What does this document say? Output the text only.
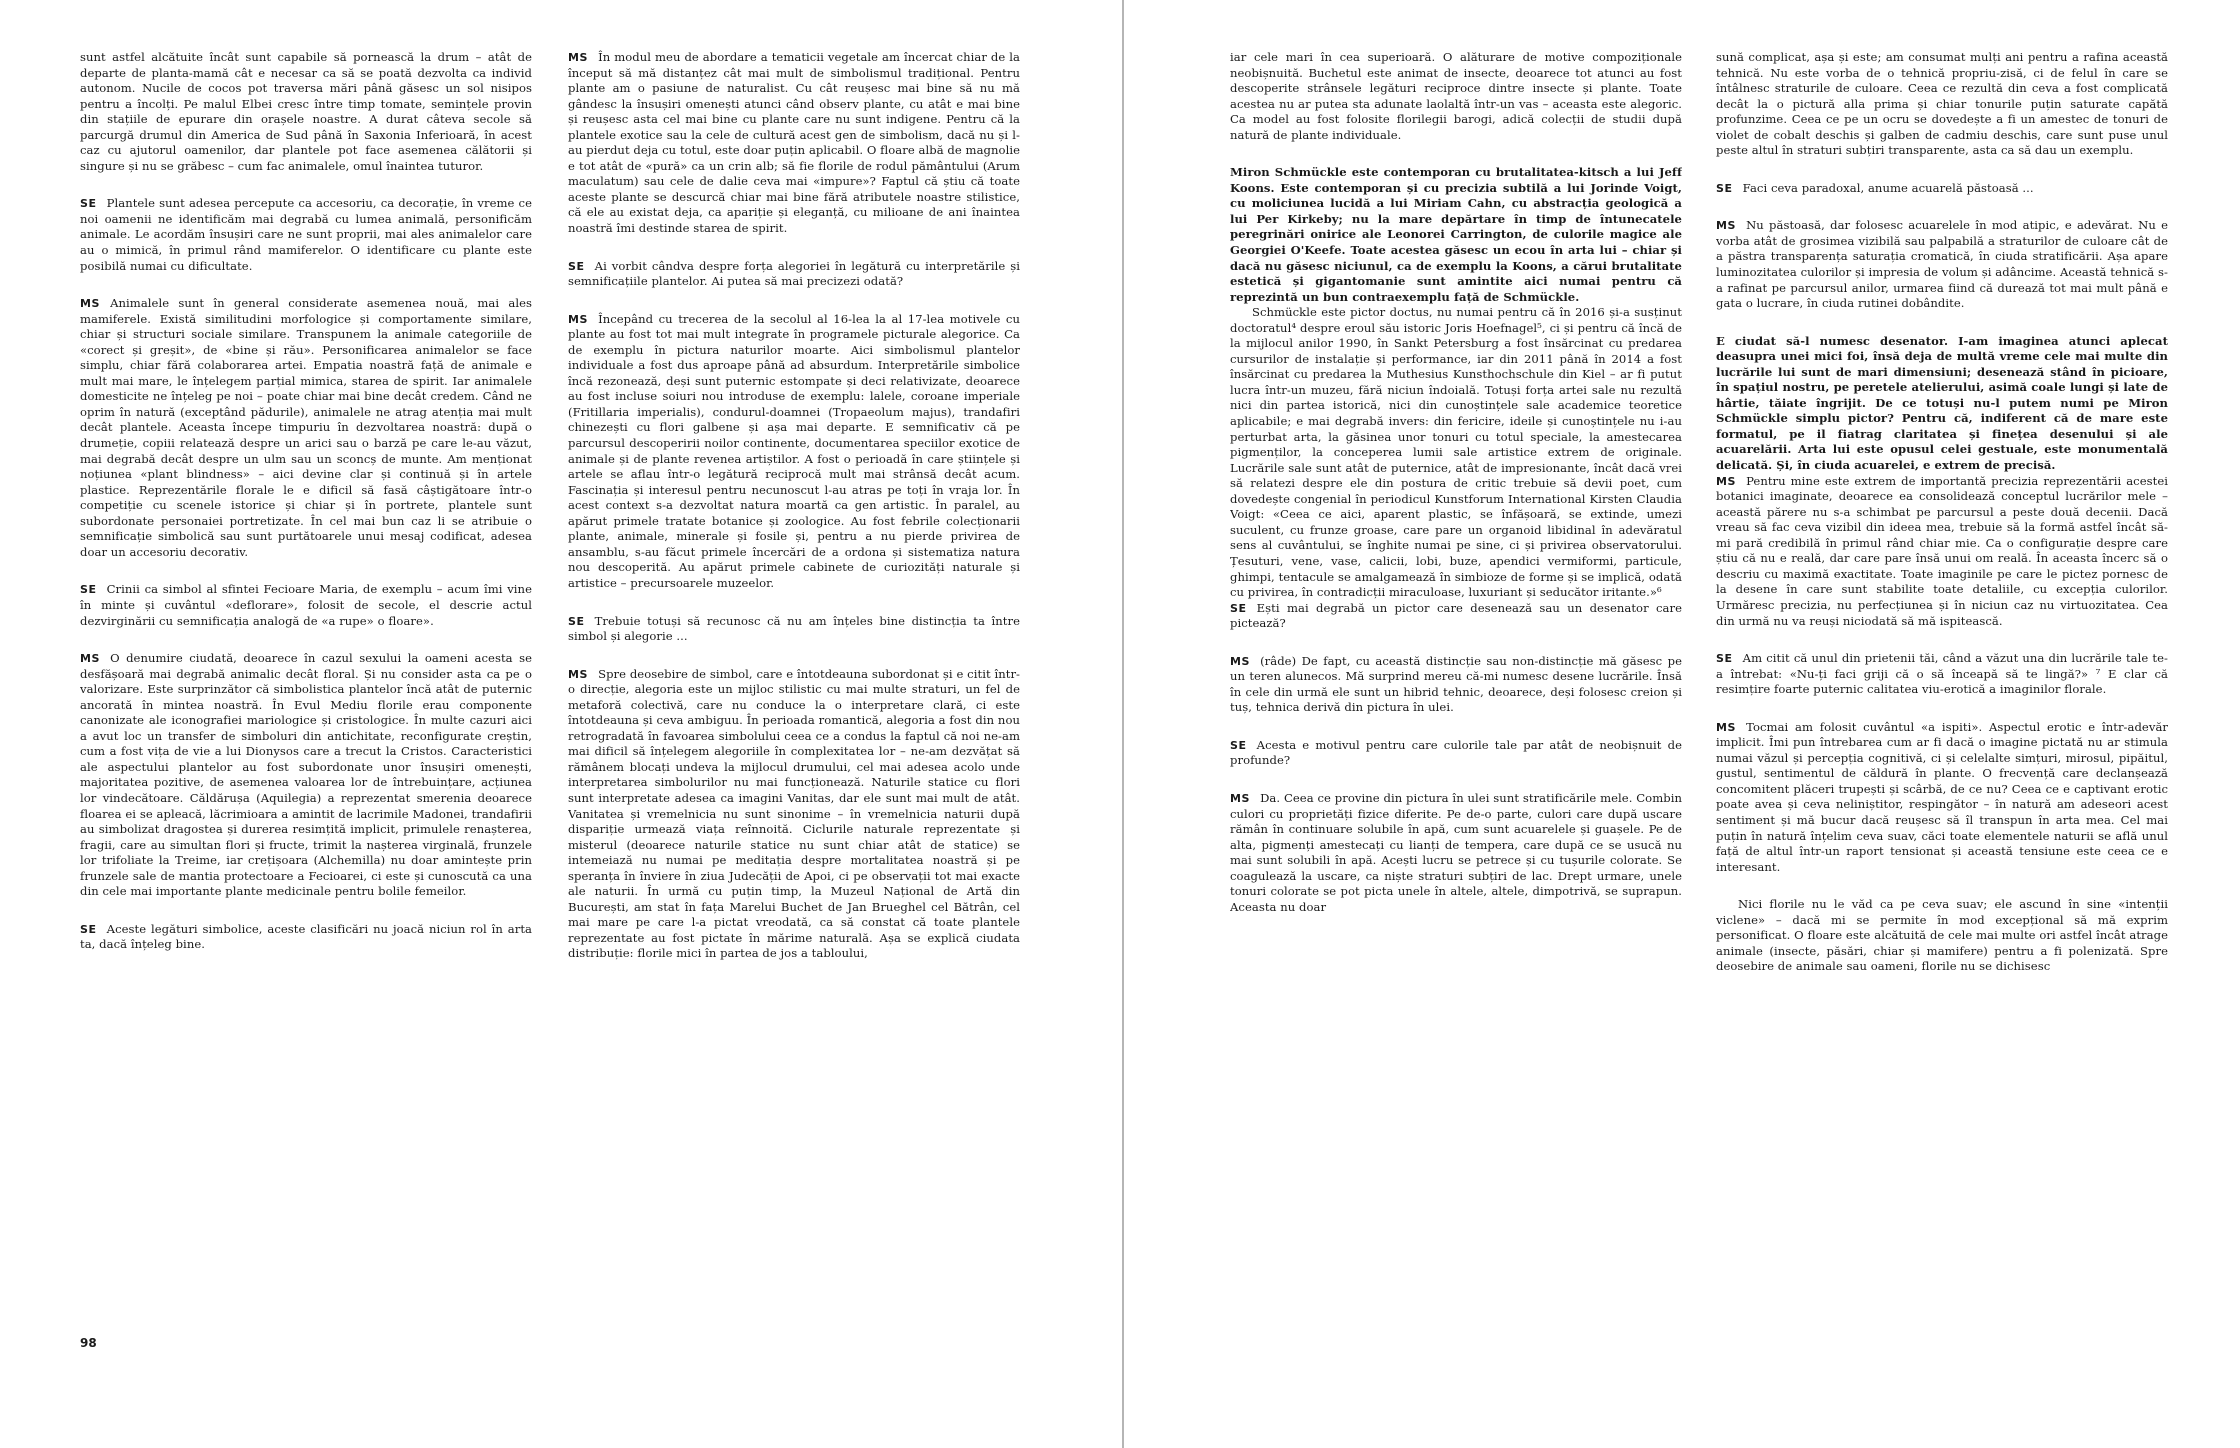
sunt astfel alcătuite încât sunt capabile să pornească la drum – atât de departe de planta-mamă cât e necesar ca să se poată dezvolta ca individ autonom. Nucile de cocos pot traversa mări până găsesc un sol nisipos pentru a încolți. Pe malul Elbei cresc între timp tomate, semințele provin din stațiile de epurare din orașele noastre. A durat câteva secole să parcurgă drumul din America de Sud până în Saxonia Inferioară, în acest caz cu ajutorul oamenilor, dar plantele pot face asemenea călătorii și singure și nu se grăbesc – cum fac animalele, omul înaintea tuturor.

SE Plantele sunt adesea percepute ca accesoriu, ca decorație, în vreme ce noi oamenii ne identificăm mai degrabă cu lumea animală, personificăm animale. Le acordăm însușiri care ne sunt proprii, mai ales animalelor care au o mimică, în primul rând mamiferelor. O identificare cu plante este posibilă numai cu dificultate.

MS Animalele sunt în general considerate asemenea nouă, mai ales mamiferele. Există similitudini morfologice și comportamente similare, chiar și structuri sociale similare. Transpunem la animale categoriile de «corect și greșit», de «bine și rău». Personificarea animalelor se face simplu, chiar fără colaborarea artei. Empatia noastră față de animale e mult mai mare, le înțelegem parțial mimica, starea de spirit. Iar animalele domesticite ne înțeleg pe noi – poate chiar mai bine decât credem. Când ne oprim în natură (exceptând pădurile), animalele ne atrag atenția mai mult decât plantele. Aceasta începe timpuriu în dezvoltarea noastră: după o drumeție, copiii relatează despre un arici sau o barză pe care le-au văzut, mai degrabă decât despre un ulm sau un sconcș de munte. Am menționat noțiunea «plant blindness» – aici devine clar și continuă și în artele plastice. Reprezentările florale le e dificil să fasă câștigătoare într-o competiție cu scenele istorice și chiar și în portrete, plantele sunt subordonate personaiei portretizate. În cel mai bun caz li se atribuie o semnificație simbolică sau sunt purtătoarele unui mesaj codificat, adesea doar un accesoriu decorativ.

SE Crinii ca simbol al sfintei Fecioare Maria, de exemplu – acum îmi vine în minte și cuvântul «deflorare», folosit de secole, el descrie actul dezvirginării cu semnificația analogă de «a rupe» o floare».

MS O denumire ciudată, deoarece în cazul sexului la oameni acesta se desfășoară mai degrabă animalic decât floral. Și nu consider asta ca pe o valorizare. Este surprinzător că simbolistica plantelor încă atât de puternic ancorată în mintea noastră. În Evul Mediu florile erau componente canonizate ale iconografiei mariologice și cristologice. În multe cazuri aici a avut loc un transfer de simboluri din antichitate, reconfigurate creștin, cum a fost vița de vie a lui Dionysos care a trecut la Cristos. Caracteristici ale aspectului plantelor au fost subordonate unor însușiri omenești, majoritatea pozitive, de asemenea valoarea lor de întrebuințare, acțiunea lor vindecătoare. Căldărușa (Aquilegia) a reprezentat smerenia deoarece floarea ei se apleacă, lăcrimioara a amintit de lacrimile Madonei, trandafirii au simbolizat dragostea și durerea resimțită implicit, primulele renașterea, fragii, care au simultan flori și fructe, trimit la nașterea virginală, frunzele lor trifoliate la Treime, iar crețișoara (Alchemilla) nu doar amintește prin frunzele sale de mantia protectoare a Fecioarei, ci este și cunoscută ca una din cele mai importante plante medicinale pentru bolile femeilor.

SE Aceste legături simbolice, aceste clasificări nu joacă niciun rol în arta ta, dacă înțeleg bine.

MS În modul meu de abordare a tematicii vegetale am încercat chiar de la început să mă distanțez cât mai mult de simbolismul tradițional. Pentru plante am o pasiune de naturalist. Cu cât reușesc mai bine să nu mă gândesc la însușiri omenești atunci când observ plante, cu atât e mai bine și reușesc asta cel mai bine cu plante care nu sunt indigene. Pentru că la plantele exotice sau la cele de cultură acest gen de simbolism, dacă nu și l-au pierdut deja cu totul, este doar puțin aplicabil. O floare albă de magnolie e tot atât de «pură» ca un crin alb; să fie florile de rodul pământului (Arum maculatum) sau cele de dalie ceva mai «impure»? Faptul că știu că toate aceste plante se descurcă chiar mai bine fără atributele noastre stilistice, că ele au existat deja, ca apariție și eleganță, cu milioane de ani înaintea noastră îmi destinde starea de spirit.

SE Ai vorbit cândva despre forța alegoriei în legătură cu interpretările și semnificațiile plantelor. Ai putea să mai precizezi odată?

MS Începând cu trecerea de la secolul al 16-lea la al 17-lea motivele cu plante au fost tot mai mult integrate în programele picturale alegorice. Ca de exemplu în pictura naturilor moarte. Aici simbolismul plantelor individuale a fost dus aproape până ad absurdum. Interpretările simbolice încă rezonează, deși sunt puternic estompate și deci relativizate, deoarece au fost incluse soiuri nou introduse de exemplu: lalele, coroane imperiale (Fritillaria imperialis), condurul-doamnei (Tropaeolum majus), trandafiri chinezești cu flori galbene și așa mai departe. E semnificativ că pe parcursul descoperirii noilor continente, documentarea speciilor exotice de animale și de plante revenea artiștilor. A fost o perioadă în care științele și artele se aflau într-o legătură reciprocă mult mai strânsă decât acum. Fascinația și interesul pentru necunoscut l-au atras pe toți în vraja lor. În acest context s-a dezvoltat natura moartă ca gen artistic. În paralel, au apărut primele tratate botanice și zoologice. Au fost febrile colecționarii plante, animale, minerale și fosile și, pentru a nu pierde privirea de ansamblu, s-au făcut primele încercări de a ordona și sistematiza natura nou descoperită. Au apărut primele cabinete de curiozități naturale și artistice – precursoarele muzeelor.

SE Trebuie totuși să recunosc că nu am înțeles bine distincția ta între simbol și alegorie ...

MS Spre deosebire de simbol, care e întotdeauna subordonat și e citit într-o direcție, alegoria este un mijloc stilistic cu mai multe straturi, un fel de metaforă colectivă, care nu conduce la o interpretare clară, ci este întotdeauna și ceva ambiguu. În perioada romantică, alegoria a fost din nou retrogradată în favoarea simbolului ceea ce a condus la faptul că noi ne-am mai dificil să înțelegem alegoriile în complexitatea lor – ne-am dezvățat să rămânem blocați undeva la mijlocul drumului, cel mai adesea acolo unde interpretarea simbolurilor nu mai funcționează. Naturile statice cu flori sunt interpretate adesea ca imagini Vanitas, dar ele sunt mai mult de atât. Vanitatea și vremelnicia nu sunt sinonime – în vremelnicia naturii după dispariție urmează viața reînnoită. Ciclurile naturale reprezentate și misterul (deoarece naturile statice nu sunt chiar atât de statice) se intemeiază nu numai pe meditația despre mortalitatea noastră și pe speranța în înviere în ziua Judecății de Apoi, ci pe observații tot mai exacte ale naturii. În urmă cu puțin timp, la Muzeul Național de Artă din București, am stat în fața Marelui Buchet de Jan Brueghel cel Bătrân, cel mai mare pe care l-a pictat vreodată, ca să constat că toate plantele reprezentate au fost pictate în mărime naturală. Așa se explică ciudata distribuție: florile mici în partea de jos a tabloului,

iar cele mari în cea superioară. O alăturare de motive compoziționale neobișnuită. Buchetul este animat de insecte, deoarece tot atunci au fost descoperite strânsele legături reciproce dintre insecte și plante. Toate acestea nu ar putea sta adunate laolaltă într-un vas – aceasta este alegoric. Ca model au fost folosite florilegii barogi, adică colecții de studii după natură de plante individuale.

Miron Schmückle este contemporan cu brutalitatea-kitsch a lui Jeff Koons. Este contemporan și cu precizia subtilă a lui Jorinde Voigt, cu moliciunea lucidă a lui Miriam Cahn, cu abstracția geologică a lui Per Kirkeby; nu la mare depărtare în timp de întunecatele peregrinări onirice ale Leonorei Carrington, de culorile magice ale Georgiei O'Keefe. Toate acestea găsesc un ecou în arta lui – chiar și dacă nu găsesc niciunul, ca de exemplu la Koons, a cărui brutalitate estetică și gigantomanie sunt amintite aici numai pentru că reprezintă un bun contraexemplu față de Schmückle.

Schmückle este pictor doctus, nu numai pentru că în 2016 și-a susținut doctoratul⁴ despre eroul său istoric Joris Hoefnagel⁵, ci și pentru că încă de la mijlocul anilor 1990, în Sankt Petersburg a fost însărcinat cu predarea cursurilor de instalație și performance, iar din 2011 până în 2014 a fost însărcinat cu predarea la Muthesius Kunsthochschule din Kiel – ar fi putut lucra într-un muzeu, fără niciun îndoială. Totuși forța artei sale nu rezultă nici din partea istorică, nici din cunoștințele sale academice teoretice aplicabile; e mai degrabă invers: din fericire, ideile și cunoștințele nu i-au perturbat arta, la găsinea unor tonuri cu totul speciale, la amestecarea pigmenților, la conceperea lumii sale artistice extrem de originale. Lucrările sale sunt atât de puternice, atât de impresionante, încât dacă vrei să relatezi despre ele din postura de critic trebuie să devii poet, cum dovedește congenial în periodicul Kunstforum International Kirsten Claudia Voigt: «Ceea ce aici, aparent plastic, se înfășoară, se extinde, umezi suculent, cu frunze groase, care pare un organoid libidinal în adevăratul sens al cuvântului, se înghite numai pe sine, ci și privirea observatorului. Țesuturi, vene, vase, calicii, lobi, buze, apendici vermiformi, particule, ghimpi, tentacule se amalgamează în simbioze de forme și se implică, odată cu privirea, în contradicții miraculoase, luxuriant și seducător iritante.»⁶

SE Ești mai degrabă un pictor care desenează sau un desenator care pictează?

MS (râde) De fapt, cu această distincție sau non-distincție mă găsesc pe un teren alunecos. Mă surprind mereu că-mi numesc desene lucrările. Însă în cele din urmă ele sunt un hibrid tehnic, deoarece, deși folosesc creion și tuș, tehnica derivă din pictura în ulei.

SE Acesta e motivul pentru care culorile tale par atât de neobișnuit de profunde?

MS Da. Ceea ce provine din pictura în ulei sunt stratificările mele. Combin culori cu proprietăți fizice diferite. Pe de-o parte, culori care după uscare rămân în continuare solubile în apă, cum sunt acuarelele și guașele. Pe de alta, pigmenți amestecați cu lianți de tempera, care după ce se usucă nu mai sunt solubili în apă. Acești lucru se petrece și cu tușurile colorate. Se coagulează la uscare, ca niște straturi subțiri de lac. Drept urmare, unele tonuri colorate se pot picta unele în altele, altele, dimpotrivă, se suprapun. Aceasta nu doar

sună complicat, așa și este; am consumat mulți ani pentru a rafina această tehnică. Nu este vorba de o tehnică propriu-zisă, ci de felul în care se întâlnesc straturile de culoare. Ceea ce rezultă din ceva a fost complicată decât la o pictură alla prima și chiar tonurile puțin saturate capătă profunzime. Ceea ce pe un ocru se dovedește a fi un amestec de tonuri de violet de cobalt deschis și galben de cadmiu deschis, care sunt puse unul peste altul în straturi subțiri transparente, asta ca să dau un exemplu.

SE Faci ceva paradoxal, anume acuarelă păstoasă ...

MS Nu păstoasă, dar folosesc acuarelele în mod atipic, e adevărat. Nu e vorba atât de grosimea vizibilă sau palpabilă a straturilor de culoare cât de a păstra transparența saturația cromatică, în ciuda stratificării. Așa apare luminozitatea culorilor și impresia de volum și adâncime. Această tehnică s-a rafinat pe parcursul anilor, urmarea fiind că durează tot mai mult până e gata o lucrare, în ciuda rutinei dobândite.

E ciudat să-l numesc desenator. I-am imaginea atunci aplecat deasupra unei mici foi, însă deja de multă vreme cele mai multe din lucrările lui sunt de mari dimensiuni; desenează stând în picioare, în spațiul nostru, pe peretele atelierului, asimă coale lungi și late de hârtie, tăiate îngrijit. De ce totuși nu-l putem numi pe Miron Schmückle simplu pictor? Pentru că, indiferent că de mare este formatul, pe il fiatrag claritatea și finețea desenului și ale acuarelării. Arta lui este opusul celei gestuale, este monumentală delicată. Și, în ciuda acuarelei, e extrem de precisă.

MS Pentru mine este extrem de importantă precizia reprezentării acestei botanici imaginate, deoarece ea consolidează conceptul lucrărilor mele – această părere nu s-a schimbat pe parcursul a peste două decenii. Dacă vreau să fac ceva vizibil din ideea mea, trebuie să la formă astfel încât să-mi pară credibilă în primul rând chiar mie. Ca o configurație despre care știu că nu e reală, dar care pare însă unui om reală. În aceasta încerc să o descriu cu maximă exactitate. Toate imaginile pe care le pictez pornesc de la desene în care sunt stabilite toate detaliile, cu excepția culorilor. Urmăresc precizia, nu perfecțiunea și în niciun caz nu virtuozitatea. Cea din urmă nu va reuși niciodată să mă ispitească.

SE Am citit că unul din prietenii tăi, când a văzut una din lucrările tale te-a întrebat: «Nu-ți faci griji că o să înceapă să te lingă?» ⁷ E clar că resimțire foarte puternic calitatea viu-erotică a imaginilor florale.

MS Tocmai am folosit cuvântul «a ispiti». Aspectul erotic e într-adevăr implicit. Îmi pun întrebarea cum ar fi dacă o imagine pictată nu ar stimula numai văzul și percepția cognitivă, ci și celelalte simțuri, mirosul, pipăitul, gustul, sentimentul de căldură în plante. O frecvență care declanșează concomitent plăceri trupești și scârbă, de ce nu? Ceea ce e captivant erotic poate avea și ceva neliniștitor, respingător – în natură am adeseori acest sentiment și mă bucur dacă reușesc să îl transpun în arta mea. Cel mai puțin în natură înțelim ceva suav, căci toate elementele naturii se află unul față de altul într-un raport tensionat și această tensiune este ceea ce e interesant.

Nici florile nu le văd ca pe ceva suav; ele ascund în sine «intenții viclene» – dacă mi se permite în mod excepțional să mă exprim personificat. O floare este alcătuită de cele mai multe ori astfel încât atrage animale (insecte, păsări, chiar și mamifere) pentru a fi polenizată. Spre deosebire de animale sau oameni, florile nu se dichisesc

98
